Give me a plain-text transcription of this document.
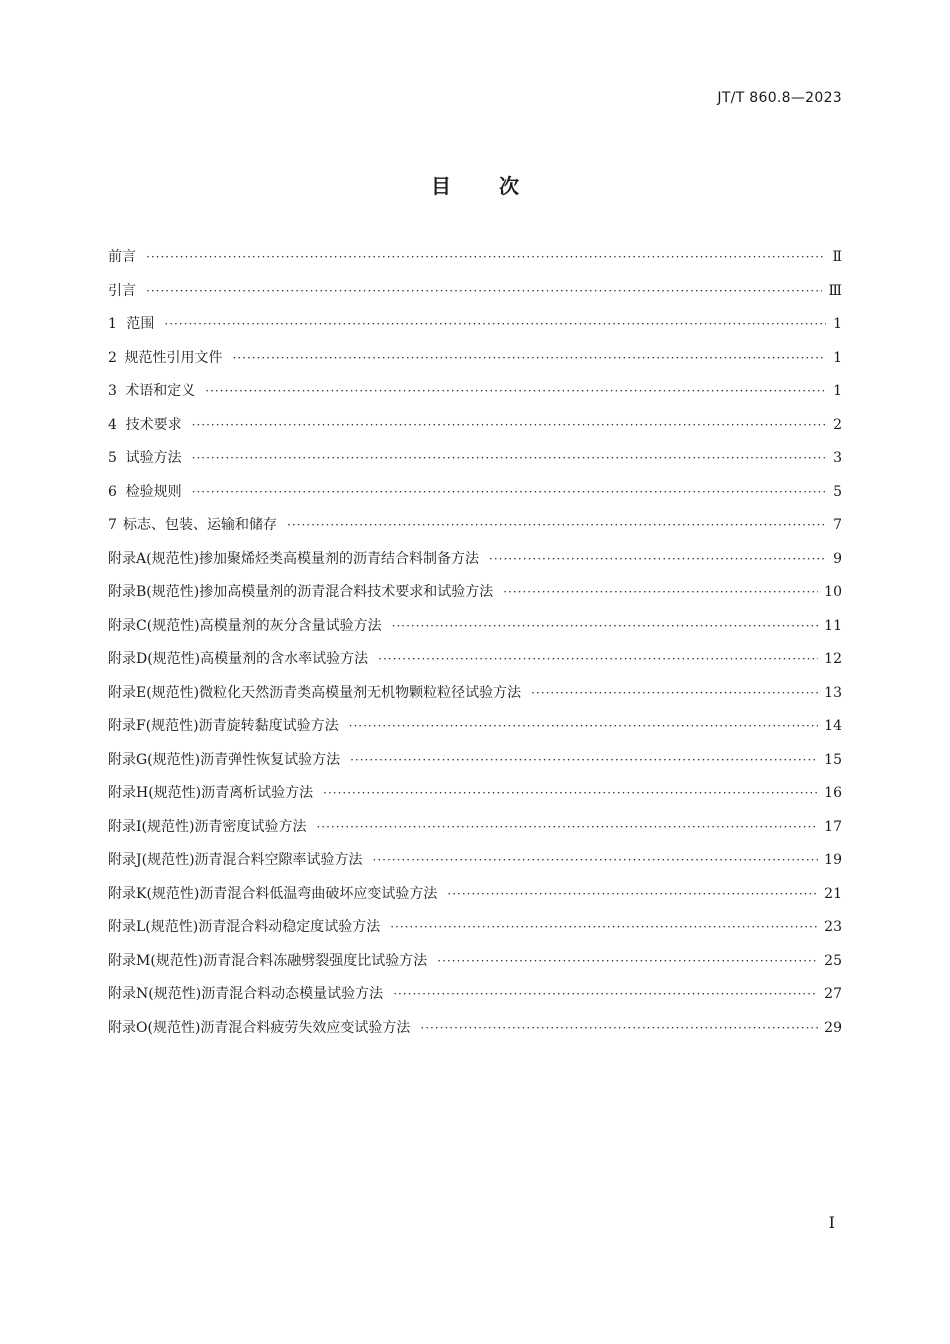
JT/T 860.8—2023
目次
前言 ·····	Ⅱ
引言 ·····	Ⅲ
1 范围 ·····	1
2 规范性引用文件 ·····	1
3 术语和定义 ·····	1
4 技术要求 ·····	2
5 试验方法 ·····	3
6 检验规则 ·····	5
7 标志、包装、运输和储存 ·····	7
附录A(规范性) 掺加聚烯烃类高模量剂的沥青结合料制备方法 ·····	9
附录B(规范性) 掺加高模量剂的沥青混合料技术要求和试验方法 ·····	10
附录C(规范性) 高模量剂的灰分含量试验方法 ·····	11
附录D(规范性) 高模量剂的含水率试验方法 ·····	12
附录E(规范性) 微粒化天然沥青类高模量剂无机物颗粒粒径试验方法 ·····	13
附录F(规范性) 沥青旋转黏度试验方法 ·····	14
附录G(规范性) 沥青弹性恢复试验方法 ·····	15
附录H(规范性) 沥青离析试验方法 ·····	16
附录I(规范性) 沥青密度试验方法 ·····	17
附录J(规范性) 沥青混合料空隙率试验方法 ·····	19
附录K(规范性) 沥青混合料低温弯曲破坏应变试验方法 ·····	21
附录L(规范性) 沥青混合料动稳定度试验方法 ·····	23
附录M(规范性) 沥青混合料冻融劈裂强度比试验方法 ·····	25
附录N(规范性) 沥青混合料动态模量试验方法 ·····	27
附录O(规范性) 沥青混合料疲劳失效应变试验方法 ·····	29
I
